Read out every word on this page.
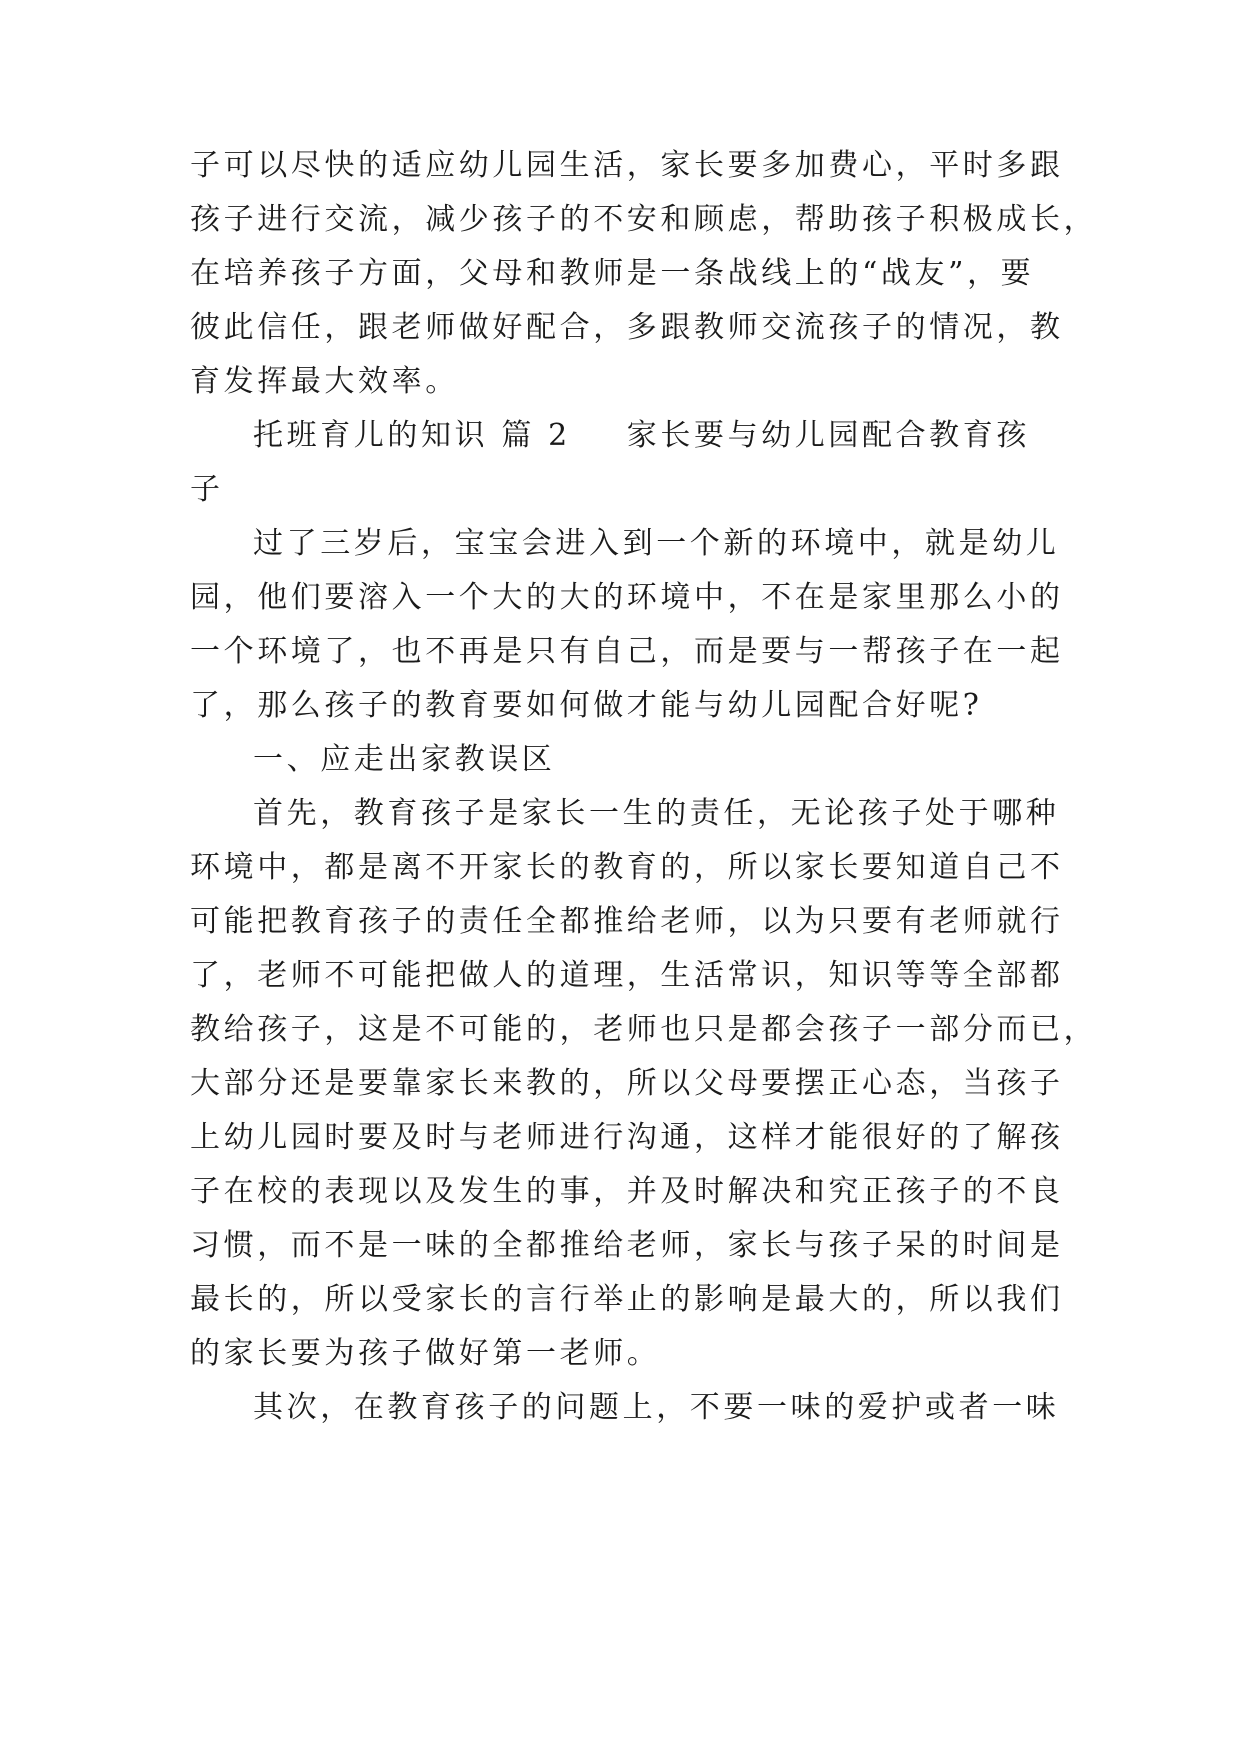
子可以尽快的适应幼儿园生活，家长要多加费心，平时多跟
孩子进行交流，减少孩子的不安和顾虑，帮助孩子积极成长，
在培养孩子方面，父母和教师是一条战线上的“战友”，要
彼此信任，跟老师做好配合，多跟教师交流孩子的情况，教
育发挥最大效率。
托班育儿的知识 篇 2 家长要与幼儿园配合教育孩
子
过了三岁后，宝宝会进入到一个新的环境中，就是幼儿
园，他们要溶入一个大的大的环境中，不在是家里那么小的
一个环境了，也不再是只有自己，而是要与一帮孩子在一起
了，那么孩子的教育要如何做才能与幼儿园配合好呢?
一、应走出家教误区
首先，教育孩子是家长一生的责任，无论孩子处于哪种
环境中，都是离不开家长的教育的，所以家长要知道自己不
可能把教育孩子的责任全都推给老师，以为只要有老师就行
了，老师不可能把做人的道理，生活常识，知识等等全部都
教给孩子，这是不可能的，老师也只是都会孩子一部分而已，
大部分还是要靠家长来教的，所以父母要摆正心态，当孩子
上幼儿园时要及时与老师进行沟通，这样才能很好的了解孩
子在校的表现以及发生的事，并及时解决和究正孩子的不良
习惯，而不是一味的全都推给老师，家长与孩子呆的时间是
最长的，所以受家长的言行举止的影响是最大的，所以我们
的家长要为孩子做好第一老师。
其次，在教育孩子的问题上，不要一味的爱护或者一味
